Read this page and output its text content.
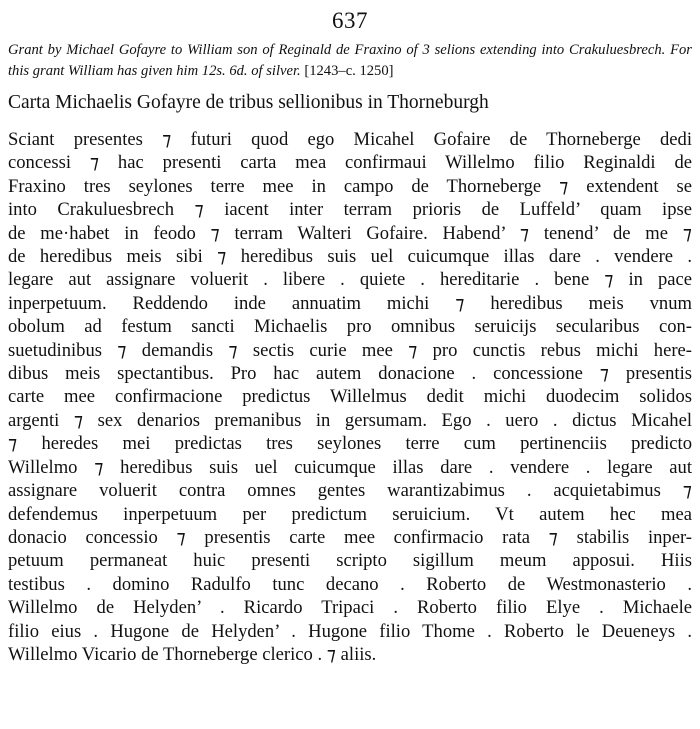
637
Grant by Michael Gofayre to William son of Reginald de Fraxino of 3 selions extending into Crakuluesbrech. For this grant William has given him 12s. 6d. of silver. [1243–c. 1250]
Carta Michaelis Gofayre de tribus sellionibus in Thorneburgh
Sciant presentes ⁊ futuri quod ego Micahel Gofaire de Thorneberge dedi
concessi ⁊ hac presenti carta mea confirmaui Willelmo filio Reginaldi de
Fraxino tres seylones terre mee in campo de Thorneberge ⁊ extendent se
into Crakuluesbrech ⁊ iacent inter terram prioris de Luffeld’ quam ipse
de me·habet in feodo ⁊ terram Walteri Gofaire. Habend’ ⁊ tenend’ de me ⁊
de heredibus meis sibi ⁊ heredibus suis uel cuicumque illas dare . vendere .
legare aut assignare voluerit . libere . quiete . hereditarie . bene ⁊ in pace
inperpetuum. Reddendo inde annuatim michi ⁊ heredibus meis vnum
obolum ad festum sancti Michaelis pro omnibus seruicijs secularibus con-
suetudinibus ⁊ demandis ⁊ sectis curie mee ⁊ pro cunctis rebus michi here-
dibus meis spectantibus. Pro hac autem donacione . concessione ⁊ presentis
carte mee confirmacione predictus Willelmus dedit michi duodecim solidos
argenti ⁊ sex denarios premanibus in gersumam. Ego . uero . dictus Micahel
⁊ heredes mei predictas tres seylones terre cum pertinenciis predicto
Willelmo ⁊ heredibus suis uel cuicumque illas dare . vendere . legare aut
assignare voluerit contra omnes gentes warantizabimus . acquietabimus ⁊
defendemus inperpetuum per predictum seruicium. Vt autem hec mea
donacio concessio ⁊ presentis carte mee confirmacio rata ⁊ stabilis inper-
petuum permaneat huic presenti scripto sigillum meum apposui. Hiis
testibus . domino Radulfo tunc decano . Roberto de Westmonasterio .
Willelmo de Helyden’ . Ricardo Tripaci . Roberto filio Elye . Michaele
filio eius . Hugone de Helyden’ . Hugone filio Thome . Roberto le Deueneys .
Willelmo Vicario de Thorneberge clerico . ⁊ aliis.
